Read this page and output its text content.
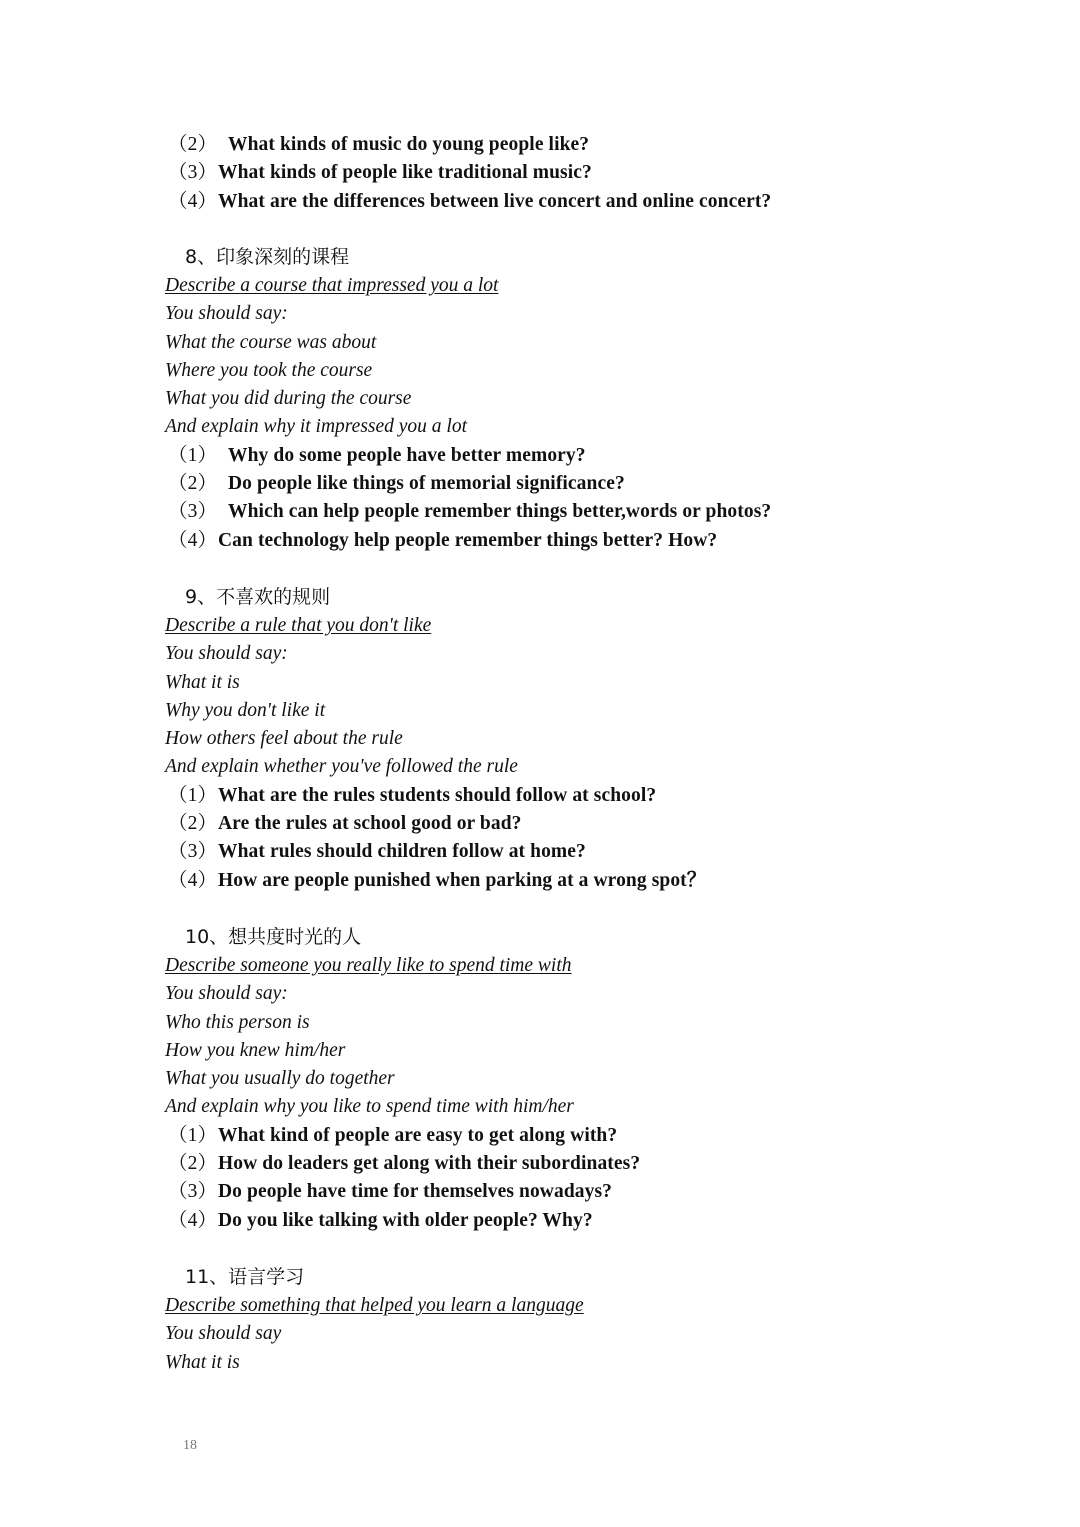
（2） What kinds of music do young people like?
（3）What kinds of people like traditional music?
（4）What are the differences between live concert and online concert?
8、印象深刻的课程
Describe a course that impressed you a lot
You should say:
What the course was about
Where you took the course
What you did during the course
And explain why it impressed you a lot
（1） Why do some people have better memory?
（2） Do people like things of memorial significance?
（3） Which can help people remember things better,words or photos?
（4）Can technology help people remember things better? How?
9、不喜欢的规则
Describe a rule that you don't like
You should say:
What it is
Why you don't like it
How others feel about the rule
And explain whether you've followed the rule
（1）What are the rules students should follow at school?
（2）Are the rules at school good or bad?
（3）What rules should children follow at home?
（4）How are people punished when parking at a wrong spot？
10、想共度时光的人
Describe someone you really like to spend time with
You should say:
Who this person is
How you knew him/her
What you usually do together
And explain why you like to spend time with him/her
（1）What kind of people are easy to get along with?
（2）How do leaders get along with their subordinates?
（3）Do people have time for themselves nowadays?
（4）Do you like talking with older people? Why?
11、语言学习
Describe something that helped you learn a language
You should say
What it is
18
